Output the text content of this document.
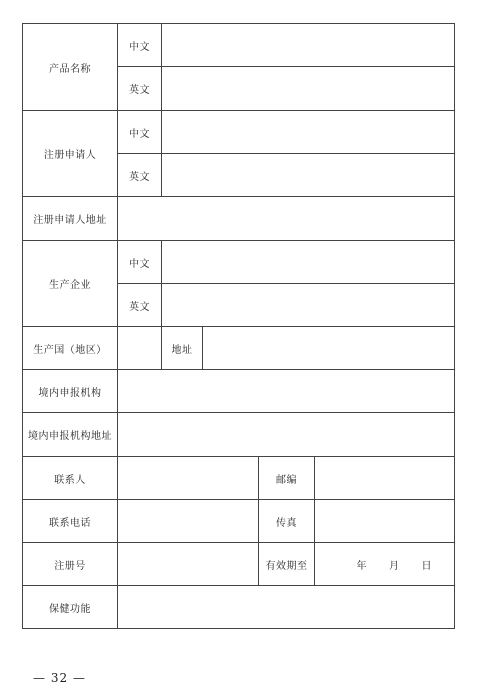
产品名称	中文				
	英文				
注册申请人	中文				
	英文				
注册申请人地址					
生产企业	中文				
	英文				
生产国（地区）		地址			
境内申报机构					
境内申报机构地址					
联系人				邮编	
联系电话				传真	
注册号				有效期至	年 月 日

保健功能					
— 32 —
